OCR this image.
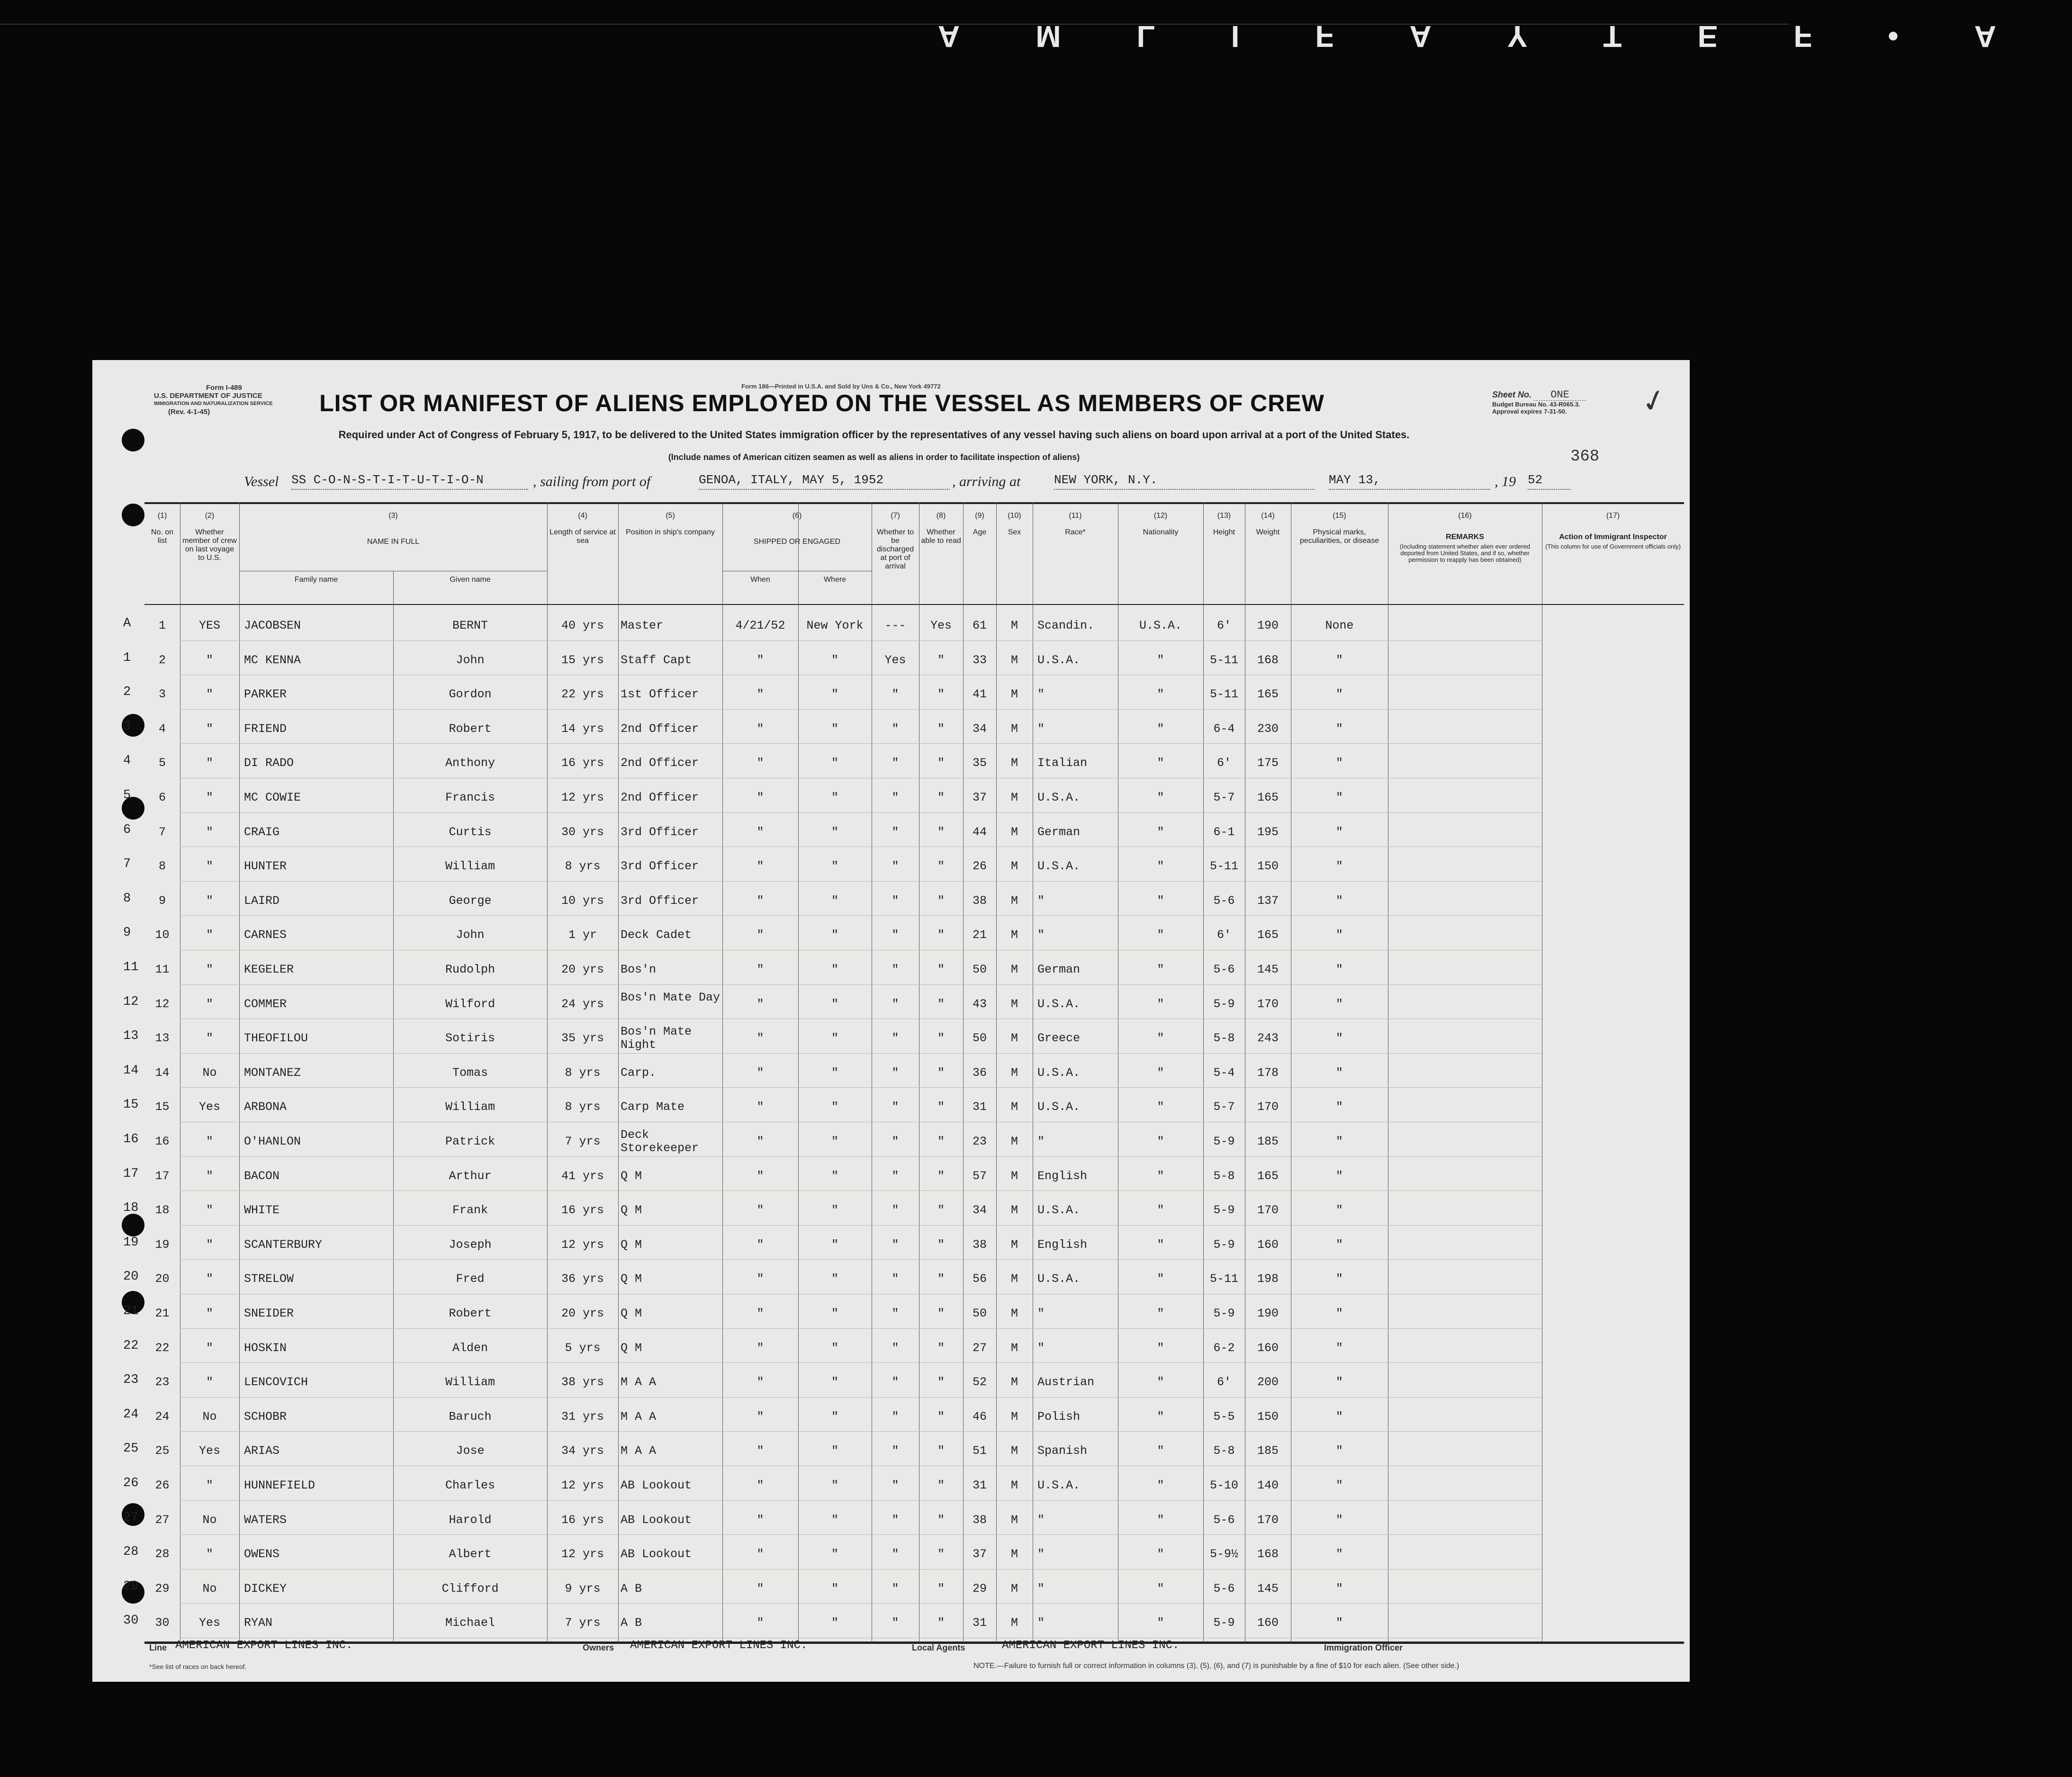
A	M	L	I	F	A	Y	T	E	F	•	A
Form I-489
U.S. DEPARTMENT OF JUSTICE
IMMIGRATION AND NATURALIZATION SERVICE
(Rev. 4-1-45)
Form 186—Printed in U.S.A. and Sold by Uns & Co., New York 49772
LIST OR MANIFEST OF ALIENS EMPLOYED ON THE VESSEL AS MEMBERS OF CREW
Required under Act of Congress of February 5, 1917, to be delivered to the United States immigration officer by the representatives of any vessel having such aliens on board upon arrival at a port of the United States.
(Include names of American citizen seamen as well as aliens in order to facilitate inspection of aliens)
Sheet No. ONE
Budget Bureau No. 43-R065.3.
Approval expires 7-31-50.	✓
368
Vessel SS C-O-N-S-T-I-T-U-T-I-O-N	, sailing from port of	GENOA, ITALY, MAY 5, 1952	, arriving at	NEW YORK, N.Y.	MAY 13,	, 19 52
(1)
No. on list
(2)
Whether member of crew on last voyage to U.S.
(3)
NAME IN FULL
Family name	Given name
(4)
Length of service at sea
(5)
Position in ship's company
(6)
SHIPPED OR ENGAGED
When	Where
(7)
Whether to be discharged at port of arrival
(8)
Whether able to read
(9)
Age
(10)
Sex
(11)
Race*
(12)
Nationality
(13)
Height
(14)
Weight
(15)
Physical marks, peculiarities, or disease
(16)
REMARKS
(Including statement whether alien ever ordered deported from United States, and if so, whether permission to reapply has been obtained)
(17)
Action of Immigrant Inspector
(This column for use of Government officials only)
A	1	YES	JACOBSEN	BERNT	40 yrs	Master	4/21/52	New York	---	Yes	61	M	Scandin.	U.S.A.	6'	190	None
1	2	"	MC KENNA	John	15 yrs	Staff Capt	"	"	Yes	"	33	M	U.S.A.	"	5-11	168	"
2	3	"	PARKER	Gordon	22 yrs	1st Officer	"	"	"	"	41	M	"	"	5-11	165	"
3	4	"	FRIEND	Robert	14 yrs	2nd Officer	"	"	"	"	34	M	"	"	6-4	230	"
4	5	"	DI RADO	Anthony	16 yrs	2nd Officer	"	"	"	"	35	M	Italian	"	6'	175	"
5	6	"	MC COWIE	Francis	12 yrs	2nd Officer	"	"	"	"	37	M	U.S.A.	"	5-7	165	"
6	7	"	CRAIG	Curtis	30 yrs	3rd Officer	"	"	"	"	44	M	German	"	6-1	195	"
7	8	"	HUNTER	William	8 yrs	3rd Officer	"	"	"	"	26	M	U.S.A.	"	5-11	150	"
8	9	"	LAIRD	George	10 yrs	3rd Officer	"	"	"	"	38	M	"	"	5-6	137	"
9	10	"	CARNES	John	1 yr	Deck Cadet	"	"	"	"	21	M	"	"	6'	165	"
11	11	"	KEGELER	Rudolph	20 yrs	Bos'n	"	"	"	"	50	M	German	"	5-6	145	"
12	12	"	COMMER	Wilford	24 yrs	Bos'n Mate Day	"	"	"	"	43	M	U.S.A.	"	5-9	170	"
13	13	"	THEOFILOU	Sotiris	35 yrs	Bos'n Mate Night	"	"	"	"	50	M	Greece	"	5-8	243	"
14	14	No	MONTANEZ	Tomas	8 yrs	Carp.	"	"	"	"	36	M	U.S.A.	"	5-4	178	"
15	15	Yes	ARBONA	William	8 yrs	Carp Mate	"	"	"	"	31	M	U.S.A.	"	5-7	170	"
16	16	"	O'HANLON	Patrick	7 yrs	Deck Storekeeper	"	"	"	"	23	M	"	"	5-9	185	"
17	17	"	BACON	Arthur	41 yrs	Q M	"	"	"	"	57	M	English	"	5-8	165	"
18	18	"	WHITE	Frank	16 yrs	Q M	"	"	"	"	34	M	U.S.A.	"	5-9	170	"
19	19	"	SCANTERBURY	Joseph	12 yrs	Q M	"	"	"	"	38	M	English	"	5-9	160	"
20	20	"	STRELOW	Fred	36 yrs	Q M	"	"	"	"	56	M	U.S.A.	"	5-11	198	"
21	21	"	SNEIDER	Robert	20 yrs	Q M	"	"	"	"	50	M	"	"	5-9	190	"
22	22	"	HOSKIN	Alden	5 yrs	Q M	"	"	"	"	27	M	"	"	6-2	160	"
23	23	"	LENCOVICH	William	38 yrs	M A A	"	"	"	"	52	M	Austrian	"	6'	200	"
24	24	No	SCHOBR	Baruch	31 yrs	M A A	"	"	"	"	46	M	Polish	"	5-5	150	"
25	25	Yes	ARIAS	Jose	34 yrs	M A A	"	"	"	"	51	M	Spanish	"	5-8	185	"
26	26	"	HUNNEFIELD	Charles	12 yrs	AB Lookout	"	"	"	"	31	M	U.S.A.	"	5-10	140	"
27	27	No	WATERS	Harold	16 yrs	AB Lookout	"	"	"	"	38	M	"	"	5-6	170	"
28	28	"	OWENS	Albert	12 yrs	AB Lookout	"	"	"	"	37	M	"	"	5-9½	168	"
29	29	No	DICKEY	Clifford	9 yrs	A B	"	"	"	"	29	M	"	"	5-6	145	"
30	30	Yes	RYAN	Michael	7 yrs	A B	"	"	"	"	31	M	"	"	5-9	160	"
Line AMERICAN EXPORT LINES INC.	Owners AMERICAN EXPORT LINES INC.	Local Agents	AMERICAN EXPORT LINES INC.	Immigration Officer
*See list of races on back hereof.	NOTE.—Failure to furnish full or correct information in columns (3), (5), (6), and (7) is punishable by a fine of $10 for each alien. (See other side.)
